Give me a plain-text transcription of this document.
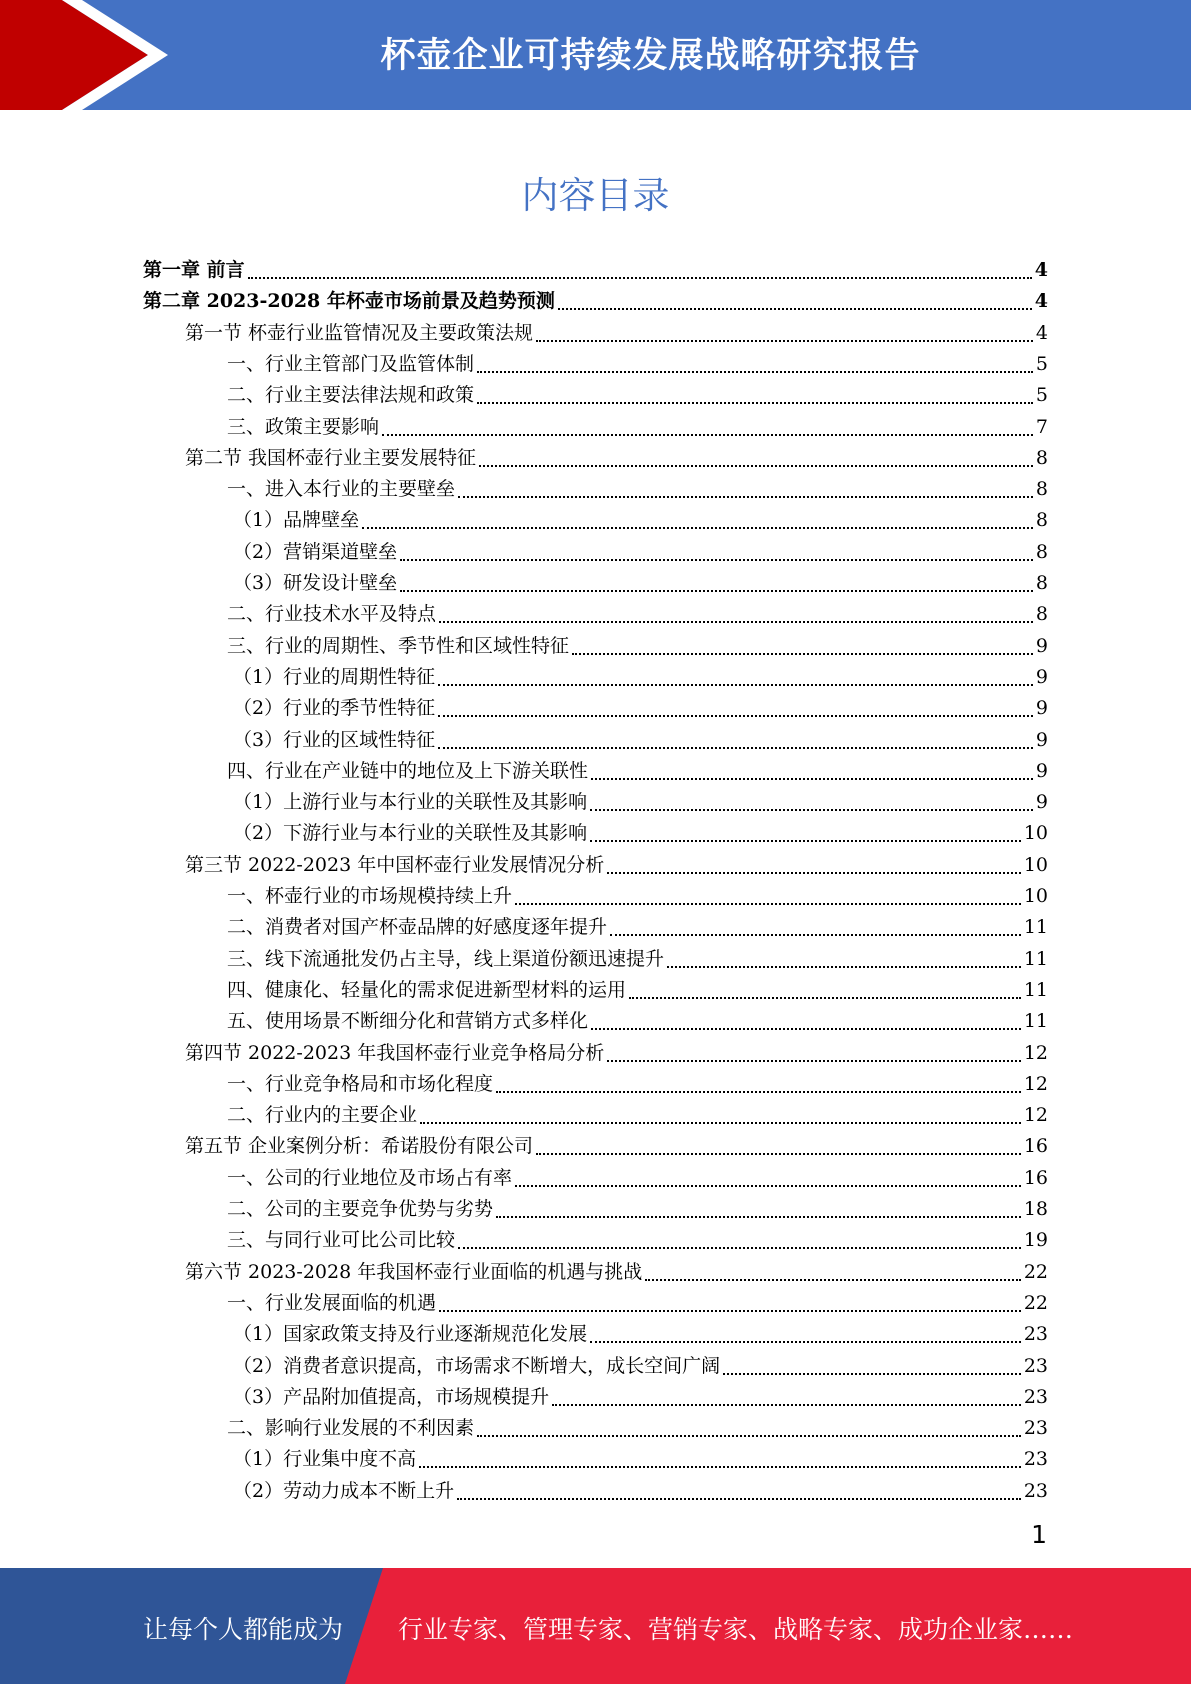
杯壶企业可持续发展战略研究报告
内容目录
第一章 前言	4
第二章 2023-2028 年杯壶市场前景及趋势预测	4
第一节 杯壶行业监管情况及主要政策法规	4
一、行业主管部门及监管体制	5
二、行业主要法律法规和政策	5
三、政策主要影响	7
第二节 我国杯壶行业主要发展特征	8
一、进入本行业的主要壁垒	8
（1）品牌壁垒	8
（2）营销渠道壁垒	8
（3）研发设计壁垒	8
二、行业技术水平及特点	8
三、行业的周期性、季节性和区域性特征	9
（1）行业的周期性特征	9
（2）行业的季节性特征	9
（3）行业的区域性特征	9
四、行业在产业链中的地位及上下游关联性	9
（1）上游行业与本行业的关联性及其影响	9
（2）下游行业与本行业的关联性及其影响	10
第三节 2022-2023 年中国杯壶行业发展情况分析	10
一、杯壶行业的市场规模持续上升	10
二、消费者对国产杯壶品牌的好感度逐年提升	11
三、线下流通批发仍占主导，线上渠道份额迅速提升	11
四、健康化、轻量化的需求促进新型材料的运用	11
五、使用场景不断细分化和营销方式多样化	11
第四节 2022-2023 年我国杯壶行业竞争格局分析	12
一、行业竞争格局和市场化程度	12
二、行业内的主要企业	12
第五节 企业案例分析：希诺股份有限公司	16
一、公司的行业地位及市场占有率	16
二、公司的主要竞争优势与劣势	18
三、与同行业可比公司比较	19
第六节 2023-2028 年我国杯壶行业面临的机遇与挑战	22
一、行业发展面临的机遇	22
（1）国家政策支持及行业逐渐规范化发展	23
（2）消费者意识提高，市场需求不断增大，成长空间广阔	23
（3）产品附加值提高，市场规模提升	23
二、影响行业发展的不利因素	23
（1）行业集中度不高	23
（2）劳动力成本不断上升	23
1
让每个人都能成为 行业专家、管理专家、营销专家、战略专家、成功企业家……
